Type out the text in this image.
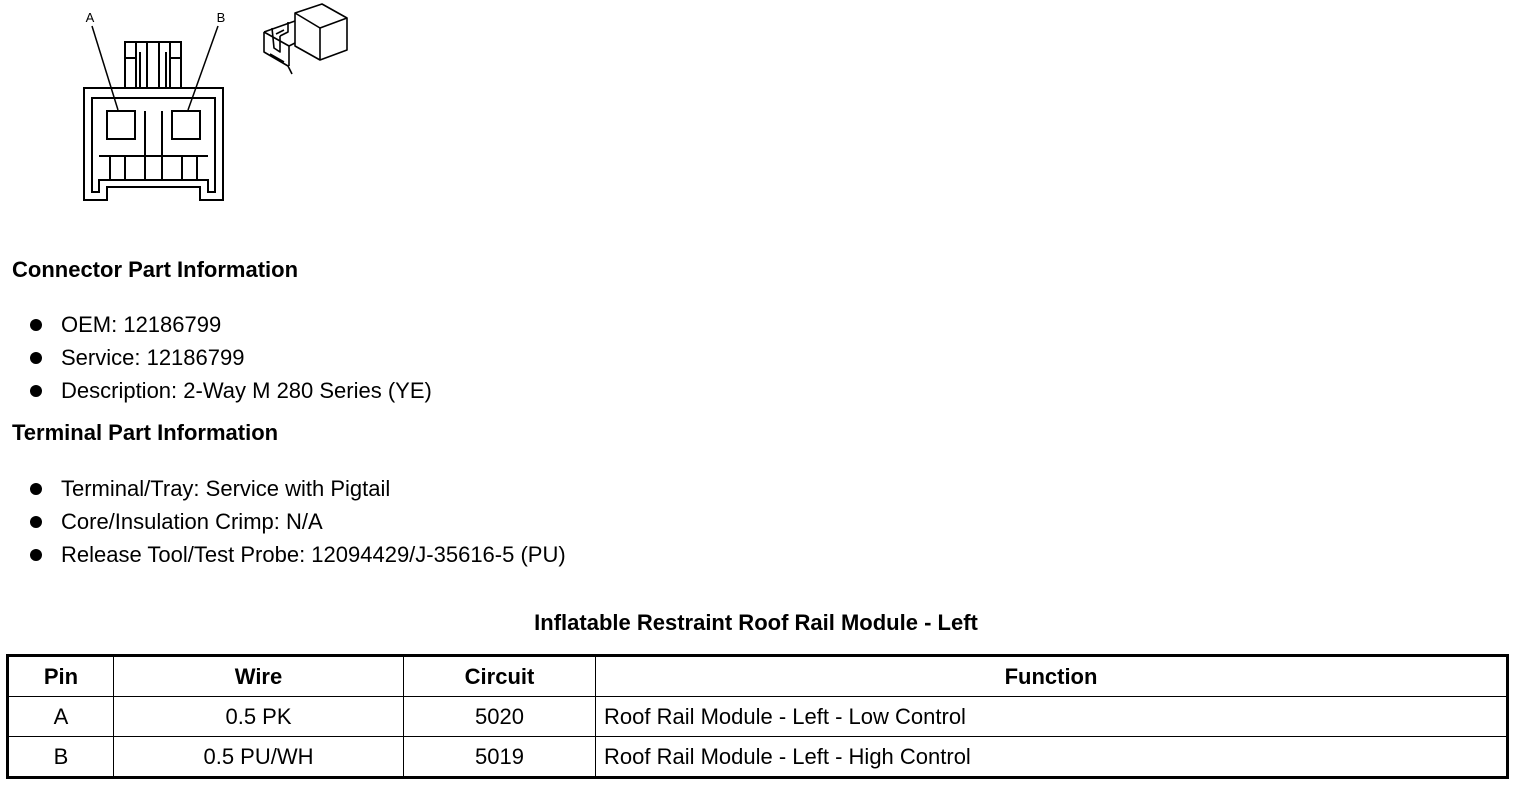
A	B
Connector Part Information
OEM: 12186799
Service: 12186799
Description: 2-Way M 280 Series (YE)
Terminal Part Information
Terminal/Tray: Service with Pigtail
Core/Insulation Crimp: N/A
Release Tool/Test Probe: 12094429/J-35616-5 (PU)
Inflatable Restraint Roof Rail Module - Left
Pin	Wire	Circuit	Function
A	0.5 PK	5020	Roof Rail Module - Left - Low Control
B	0.5 PU/WH	5019	Roof Rail Module - Left - High Control
